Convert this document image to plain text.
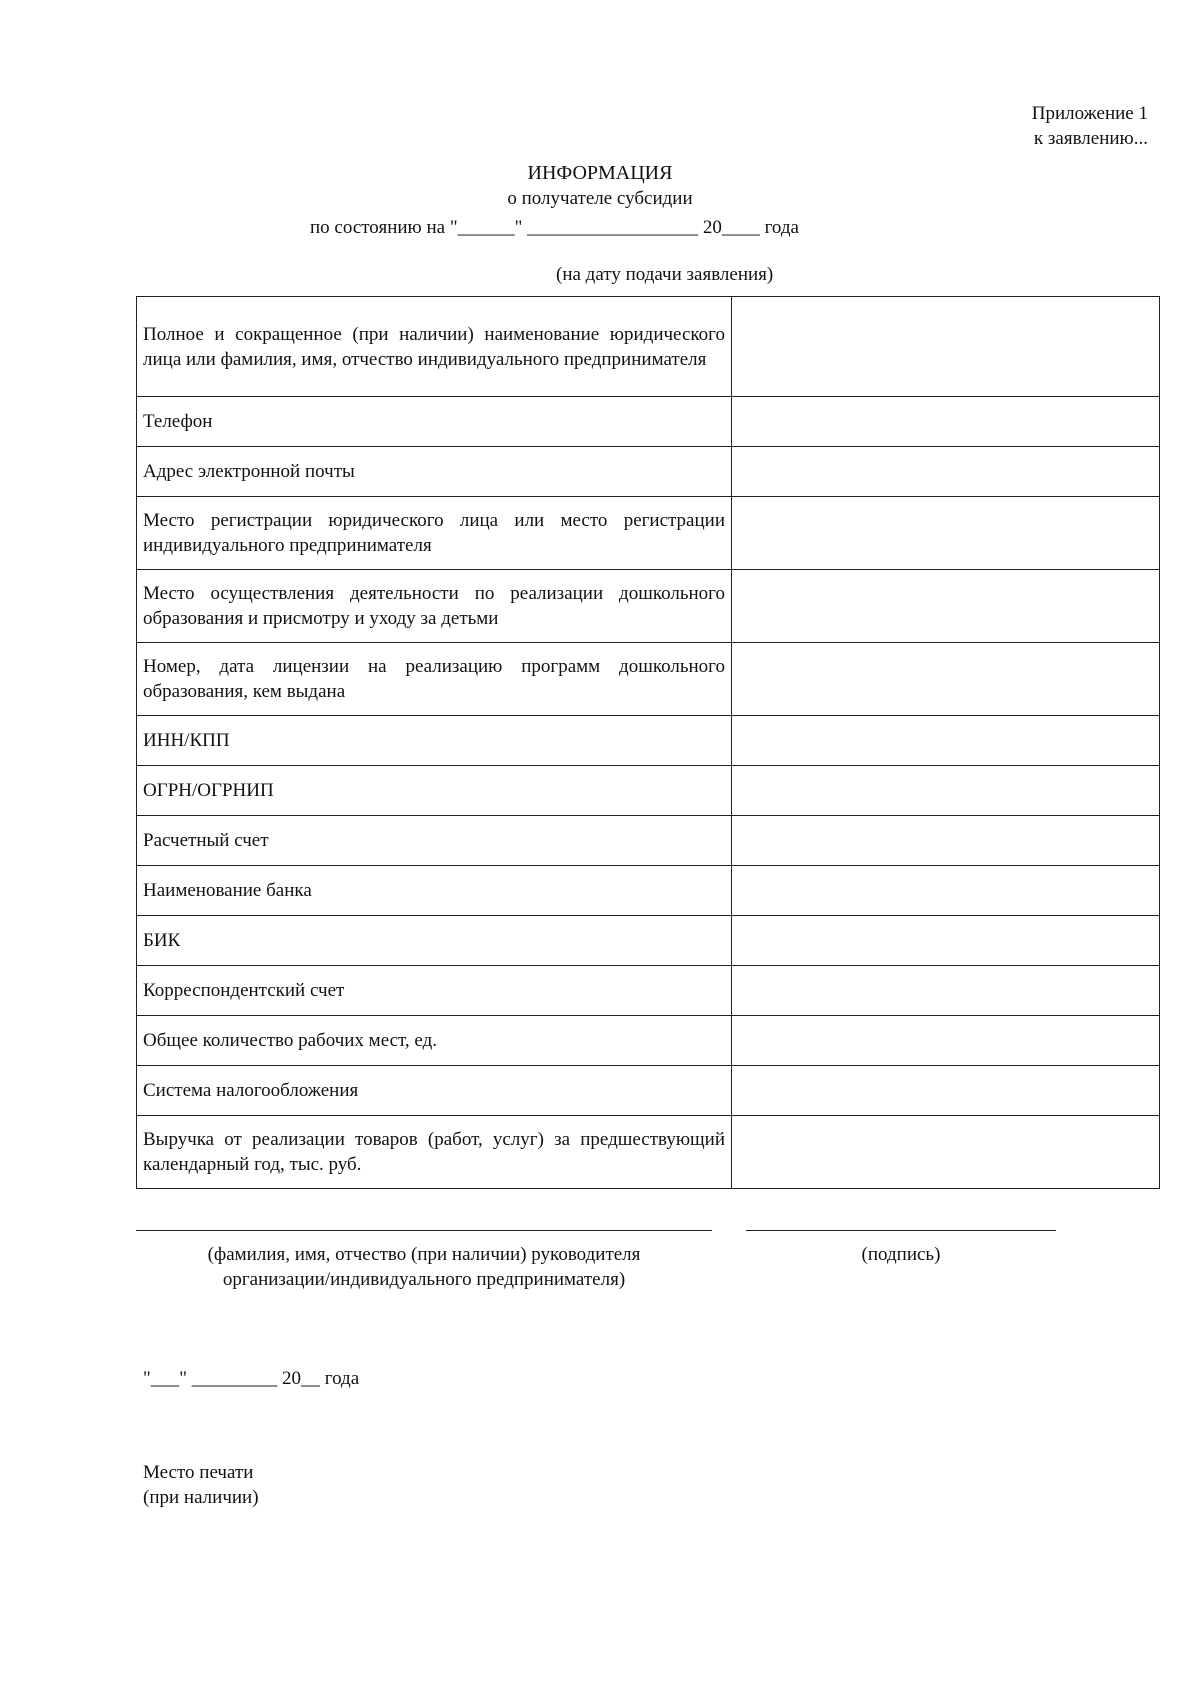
Приложение 1
к заявлению...
ИНФОРМАЦИЯ
о получателе субсидии
по состоянию на "______" __________________ 20____ года
(на дату подачи заявления)
Полное и сокращенное (при наличии) наименование юридического лица или фамилия, имя, отчество индивидуального предпринимателя	
Телефон	
Адрес электронной почты	
Место регистрации юридического лица или место регистрации индивидуального предпринимателя	
Место осуществления деятельности по реализации дошкольного образования и присмотру и уходу за детьми	
Номер, дата лицензии на реализацию программ дошкольного образования, кем выдана	
ИНН/КПП	
ОГРН/ОГРНИП	
Расчетный счет	
Наименование банка	
БИК	
Корреспондентский счет	
Общее количество рабочих мест, ед.	
Система налогообложения	
Выручка от реализации товаров (работ, услуг) за предшествующий календарный год, тыс. руб.	
(фамилия, имя, отчество (при наличии) руководителя
организации/индивидуального предпринимателя)
(подпись)
"___" _________ 20__ года
Место печати
(при наличии)
